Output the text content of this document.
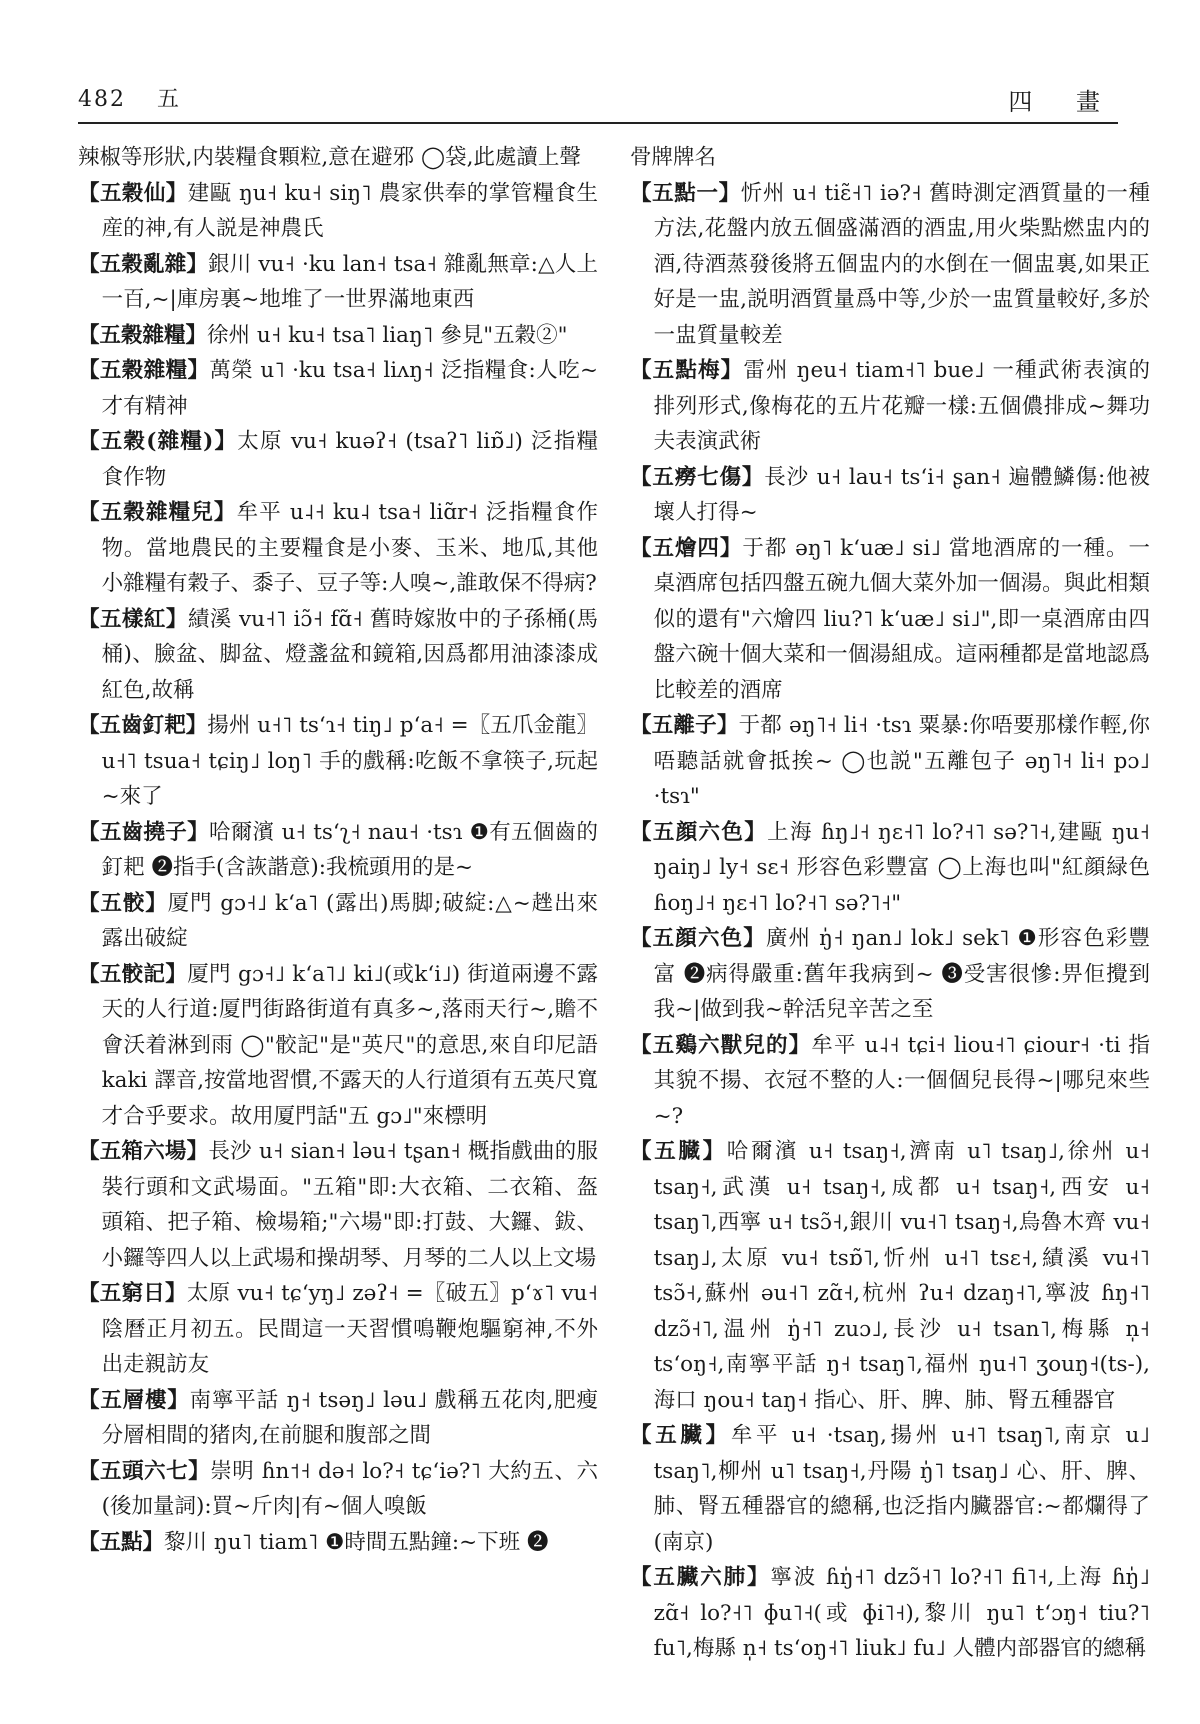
482 五	四 畫
辣椒等形狀,内裝糧食顆粒,意在避邪 ◯袋,此處讀上聲
【五穀仙】建甌 ŋu˧ ku˧ siŋ˥ 農家供奉的掌管糧食生産的神,有人説是神農氏
【五穀亂雜】銀川 vu˧ ·ku lan˧ tsa˧ 雜亂無章:△人上一百,~|庫房裏~地堆了一世界滿地東西
【五穀雜糧】徐州 u˧ ku˧ tsa˥ liaŋ˥ 參見"五穀②"
【五穀雜糧】萬榮 u˥ ·ku tsa˧ liʌŋ˧ 泛指糧食:人吃~才有精神
【五穀(雜糧)】太原 vu˧ kuəʔ˧ (tsaʔ˥ liɒ̃˩) 泛指糧食作物
【五穀雜糧兒】牟平 u˨˧ ku˨ tsa˧ liɑ̃r˧ 泛指糧食作物。當地農民的主要糧食是小麥、玉米、地瓜,其他小雜糧有穀子、黍子、豆子等:人嗅~,誰敢保不得病?
【五樣紅】績溪 vu˧˥ iɔ̃˧ fɑ̃˧ 舊時嫁妝中的子孫桶(馬桶)、臉盆、脚盆、燈盞盆和鏡箱,因爲都用油漆漆成紅色,故稱
【五齒釘耙】揚州 u˧˥ tsʻɿ˧ tiŋ˩ pʻa˧ =〖五爪金龍〗u˧˥ tsua˧ tɕiŋ˩ loŋ˥ 手的戲稱:吃飯不拿筷子,玩起~來了
【五齒撓子】哈爾濱 u˧ tsʻʅ˧ nau˧ ·tsɿ ❶有五個齒的釘耙 ❷指手(含詼諧意):我梳頭用的是~
【五骹】厦門 gɔ˧˩ kʻa˥ (露出)馬脚;破綻:△~趖出來露出破綻
【五骹記】厦門 gɔ˧˩ kʻa˥˩ ki˩(或kʻi˩) 街道兩邊不露天的人行道:厦門街路街道有真多~,落雨天行~,贍不會沃着淋到雨 ◯"骹記"是"英尺"的意思,來自印尼語 kaki 譯音,按當地習慣,不露天的人行道須有五英尺寬才合乎要求。故用厦門話"五 gɔ˩"來標明
【五箱六場】長沙 u˧ sian˧ ləu˧ tʂan˧ 概指戲曲的服裝行頭和文武場面。"五箱"即:大衣箱、二衣箱、盔頭箱、把子箱、檢場箱;"六場"即:打鼓、大鑼、鈸、小鑼等四人以上武場和操胡琴、月琴的二人以上文場
【五窮日】太原 vu˧ tɕʻyŋ˩ zəʔ˧ =〖破五〗pʻɤ˥ vu˧ 陰曆正月初五。民間這一天習慣鳴鞭炮驅窮神,不外出走親訪友
【五層樓】南寧平話 ŋ˧ tsəŋ˩ ləu˩ 戲稱五花肉,肥瘦分層相間的猪肉,在前腿和腹部之間
【五頭六七】崇明 ɦn˦˧ də˧ lo?˧ tɕʻiə?˥ 大約五、六(後加量詞):買~斤肉|有~個人嗅飯
【五點】黎川 ŋu˥ tiam˥ ❶時間五點鐘:~下班 ❷
骨牌牌名
【五點一】忻州 u˧ tiɛ̃˧˥ iə?˧ 舊時測定酒質量的一種方法,花盤内放五個盛滿酒的酒盅,用火柴點燃盅内的酒,待酒蒸發後將五個盅内的水倒在一個盅裏,如果正好是一盅,説明酒質量爲中等,少於一盅質量較好,多於一盅質量較差
【五點梅】雷州 ŋeu˧ tiam˧˥ bue˩ 一種武術表演的排列形式,像梅花的五片花瓣一樣:五個儂排成~舞功夫表演武術
【五癆七傷】長沙 u˧ lau˧ tsʻi˧ ʂan˧ 遍體鱗傷:他被壞人打得~
【五燴四】于都 əŋ˥ kʻuæ˩ si˩ 當地酒席的一種。一桌酒席包括四盤五碗九個大菜外加一個湯。與此相類似的還有"六燴四 liu?˥ kʻuæ˩ si˩",即一桌酒席由四盤六碗十個大菜和一個湯組成。這兩種都是當地認爲比較差的酒席
【五離子】于都 əŋ˥˧ li˧ ·tsɿ 粟暴:你唔要那樣作輕,你唔聽話就會抵挨~ ◯也説"五離包子 əŋ˥˧ li˧ pɔ˩ ·tsɿ"
【五顔六色】上海 ɦŋ˩˧ ŋɛ˧˥ lo?˧˥ sə?˥˧,建甌 ŋu˧ ŋaiŋ˩ ly˧ sɛ˧ 形容色彩豐富 ◯上海也叫"紅顔緑色 ɦoŋ˩˧ ŋɛ˧˥ lo?˧˥ sə?˥˧"
【五顔六色】廣州 ŋ̍˧ ŋan˩ lok˩ sek˥ ❶形容色彩豐富 ❷病得嚴重:舊年我病到~ ❸受害很慘:畀佢攪到我~|做到我~幹活兒辛苦之至
【五鷄六獸兒的】牟平 u˨˧ tɕi˧ liou˧˥ ɕiour˧ ·ti 指其貌不揚、衣冠不整的人:一個個兒長得~|哪兒來些~?
【五臓】哈爾濱 u˧ tsaŋ˧,濟南 u˥ tsaŋ˩,徐州 u˧ tsaŋ˧,武漢 u˧ tsaŋ˧,成都 u˧ tsaŋ˧,西安 u˧ tsaŋ˥,西寧 u˧ tsɔ̃˧,銀川 vu˧˥ tsaŋ˧,烏魯木齊 vu˧ tsaŋ˩,太原 vu˧ tsɒ̃˥,忻州 u˧˥ tsɛ˧,績溪 vu˧˥ tsɔ̃˧,蘇州 əu˧˥ zɑ̃˧,杭州 ʔu˧ dzaŋ˧˥,寧波 ɦŋ˧˥ dzɔ̃˧˥,温州 ŋ̍˧˥ zuɔ˩,長沙 u˧ tsan˥,梅縣 n̩˧ tsʻoŋ˧,南寧平話 ŋ˧ tsaŋ˥,福州 ŋu˧˥ ʒouŋ˧(ts-),海口 ŋou˧ taŋ˧ 指心、肝、脾、肺、腎五種器官
【五臟】牟平 u˧ ·tsaŋ,揚州 u˧˥ tsaŋ˥,南京 u˩ tsaŋ˥,柳州 u˥ tsaŋ˧,丹陽 ŋ̍˥ tsaŋ˩ 心、肝、脾、肺、腎五種器官的總稱,也泛指内臟器官:~都爛得了(南京)
【五臟六肺】寧波 ɦŋ̍˧˥ dzɔ̃˧˥ lo?˧˥ fi˥˧,上海 ɦŋ̍˩ zɑ̃˧ lo?˧˥ ɸu˥˧(或 ɸi˥˧),黎川 ŋu˥ tʻɔŋ˧ tiu?˥ fu˥,梅縣 n̩˧ tsʻoŋ˧˥ liuk˩ fu˩ 人體内部器官的總稱
